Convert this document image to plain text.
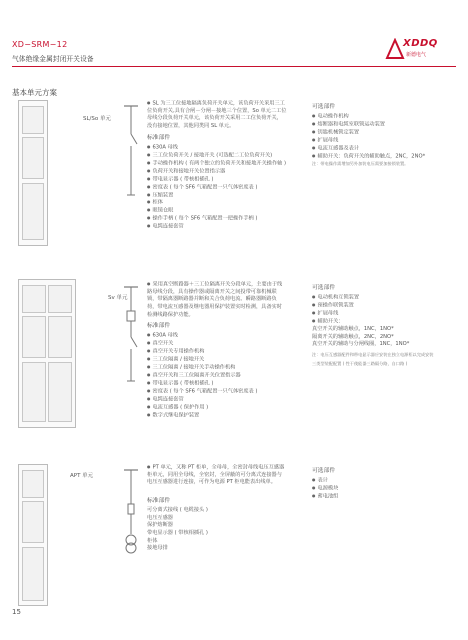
XD−SRM−12
气体绝缘金属封闭开关设备
XDDQ
新德电气
基本单元方案
SL/So 单元
● SL 为三工位接地隔离负荷开关单元，该负荷开关采用三工位负荷开关,具有合闸－分闸－接地三个位置，So 单元二工位母线分段负荷开关单元，该负荷开关采用二工位负荷开关，没有接地位置，其他同类同 SL 单元。
标准部件
● 630A 母线
● 三工位负荷开关 / 接地开关 (可选配二工位负荷开关)
● 手动操作机构 ( 有两个独立的负荷开关和接地开关操作轴 )
● 负荷开关和接地开关位置指示器
● 带电显示器 ( 带核相插孔 )
● 密度表 ( 每个 SF6 气箱配置一只气体密度表 )
● 压缩装置
● 柜体
● 眼镜仓眼
● 操作手柄 ( 每个 SF6 气箱配置一把操作手柄 )
● 电缆连接套管
可选部件
● 电动操作机构
● 熔断器和电缆室联锁运动装置
● 钥匙机械锁定装置
● 扩展母线
● 电流互感器及表计
● 辅助开关：负荷开关的辅助触点，2NC，2NO*
注：带电操作需增加另外加装电压需要加接锁装置。
Sv 单元
● 采用真空断路器＋三工位隔离开关分段单元，主要由于线路母线分段，具有操作器或隔离开关之间投带可靠机械联锁，带隔离器断路器并断和关合负荷电流、瞬路器断路负荷，带电流互感器及继电器用保护装置实时检测，具备实时检测线路保护功能。
标准部件
● 630A 母线
● 真空开关
● 真空开关专用操作机构
● 三工位隔离 / 接地开关
● 三工位隔离 / 接地开关手动操作机构
● 真空开关和三工位隔离开关位置指示器
● 带电显示器 ( 带核相插孔 )
● 密度表 ( 每个 SF6 气箱配置一只气体密度表 )
● 电缆连接套管
● 电流互感器 ( 保护作用 )
● 数字式继电保护装置
可选部件
● 电动机构互锁装置
● 预操作联锁装置
● 扩展母线
● 辅助开关：
真空开关的辅助触点，1NC，1NO*
隔离开关的辅助触点，2NC，2NO*
真空开关的辅助与分闸线圈，1NC，1NO*
注：电压互感器配件和带电显示器应安装在独立电源柜以完成安装
三类型装配配置 ( 性于使能器三路隔分路，自口路 )
APT 单元
● PT 单元，又称 PT 柜单，全母母，全密封母线电压互感器柜单元，同用全母线，全密封，全屏蔽的可分离式连接器与电压互感器进行连接，可作为电源 PT 柜电能表出线单。
标准部件
可分离式接线 ( 电缆接头 )
电压互感器
保护熔断器
带电显示器 ( 带核相插孔 )
柜体
接地母排
可选部件
● 表计
● 电源模块
● 蓄电池组
15
